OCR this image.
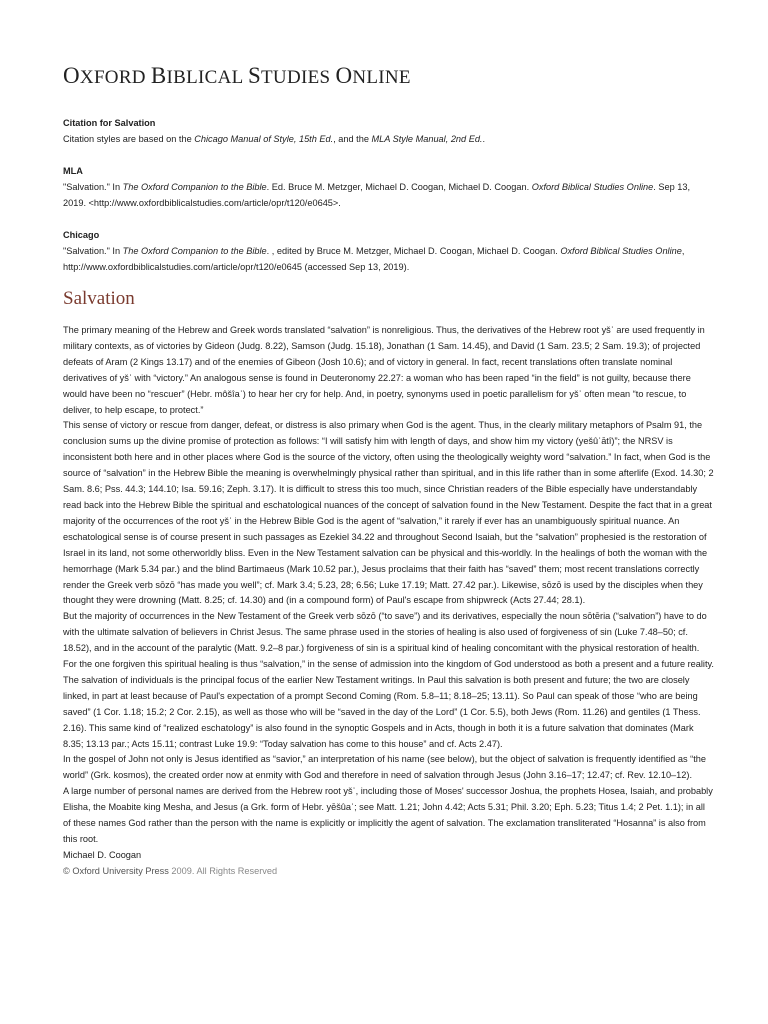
OXFORD BIBLICAL STUDIES ONLINE
Citation for Salvation

Citation styles are based on the Chicago Manual of Style, 15th Ed., and the MLA Style Manual, 2nd Ed..

MLA

"Salvation." In The Oxford Companion to the Bible. Ed. Bruce M. Metzger, Michael D. Coogan, Michael D. Coogan. Oxford Biblical Studies Online. Sep 13, 2019. <http://www.oxfordbiblicalstudies.com/article/opr/t120/e0645>.

Chicago

"Salvation." In The Oxford Companion to the Bible. , edited by Bruce M. Metzger, Michael D. Coogan, Michael D. Coogan. Oxford Biblical Studies Online, http://www.oxfordbiblicalstudies.com/article/opr/t120/e0645 (accessed Sep 13, 2019).

Salvation

The primary meaning of the Hebrew and Greek words translated “salvation” is nonreligious. Thus, the derivatives of the Hebrew root yšʿ are used frequently in military contexts, as of victories by Gideon (Judg. 8.22), Samson (Judg. 15.18), Jonathan (1 Sam. 14.45), and David (1 Sam. 23.5; 2 Sam. 19.3); of projected defeats of Aram (2 Kings 13.17) and of the enemies of Gibeon (Josh 10.6); and of victory in general. In fact, recent translations often translate nominal derivatives of yšʿ with “victory.” An analogous sense is found in Deuteronomy 22.27: a woman who has been raped “in the field” is not guilty, because there would have been no “rescuer” (Hebr. môšîaʿ) to hear her cry for help. And, in poetry, synonyms used in poetic parallelism for yšʿ often mean “to rescue, to deliver, to help escape, to protect.”

This sense of victory or rescue from danger, defeat, or distress is also primary when God is the agent. Thus, in the clearly military metaphors of Psalm 91, the conclusion sums up the divine promise of protection as follows: “I will satisfy him with length of days, and show him my victory (yešûʿātî)”; the NRSV is inconsistent both here and in other places where God is the source of the victory, often using the theologically weighty word “salvation.” In fact, when God is the source of “salvation” in the Hebrew Bible the meaning is overwhelmingly physical rather than spiritual, and in this life rather than in some afterlife (Exod. 14.30; 2 Sam. 8.6; Pss. 44.3; 144.10; Isa. 59.16; Zeph. 3.17). It is difficult to stress this too much, since Christian readers of the Bible especially have understandably read back into the Hebrew Bible the spiritual and eschatological nuances of the concept of salvation found in the New Testament. Despite the fact that in a great majority of the occurrences of the root yšʿ in the Hebrew Bible God is the agent of “salvation,” it rarely if ever has an unambiguously spiritual nuance. An eschatological sense is of course present in such passages as Ezekiel 34.22 and throughout Second Isaiah, but the “salvation” prophesied is the restoration of Israel in its land, not some otherworldly bliss. Even in the New Testament salvation can be physical and this-worldly. In the healings of both the woman with the hemorrhage (Mark 5.34 par.) and the blind Bartimaeus (Mark 10.52 par.), Jesus proclaims that their faith has “saved” them; most recent translations correctly render the Greek verb sōzō “has made you well”; cf. Mark 3.4; 5.23, 28; 6.56; Luke 17.19; Matt. 27.42 par.). Likewise, sōzō is used by the disciples when they thought they were drowning (Matt. 8.25; cf. 14.30) and (in a compound form) of Paul's escape from shipwreck (Acts 27.44; 28.1).

But the majority of occurrences in the New Testament of the Greek verb sōzō (“to save”) and its derivatives, especially the noun sōtēria (“salvation”) have to do with the ultimate salvation of believers in Christ Jesus. The same phrase used in the stories of healing is also used of forgiveness of sin (Luke 7.48–50; cf. 18.52), and in the account of the paralytic (Matt. 9.2–8 par.) forgiveness of sin is a spiritual kind of healing concomitant with the physical restoration of health. For the one forgiven this spiritual healing is thus “salvation,” in the sense of admission into the kingdom of God understood as both a present and a future reality. The salvation of individuals is the principal focus of the earlier New Testament writings. In Paul this salvation is both present and future; the two are closely linked, in part at least because of Paul's expectation of a prompt Second Coming (Rom. 5.8–11; 8.18–25; 13.11). So Paul can speak of those “who are being saved” (1 Cor. 1.18; 15.2; 2 Cor. 2.15), as well as those who will be “saved in the day of the Lord” (1 Cor. 5.5), both Jews (Rom. 11.26) and gentiles (1 Thess. 2.16). This same kind of “realized eschatology” is also found in the synoptic Gospels and in Acts, though in both it is a future salvation that dominates (Mark 8.35; 13.13 par.; Acts 15.11; contrast Luke 19.9: “Today salvation has come to this house” and cf. Acts 2.47).

In the gospel of John not only is Jesus identified as “savior,” an interpretation of his name (see below), but the object of salvation is frequently identified as “the world” (Grk. kosmos), the created order now at enmity with God and therefore in need of salvation through Jesus (John 3.16–17; 12.47; cf. Rev. 12.10–12).

A large number of personal names are derived from the Hebrew root yšʿ, including those of Moses' successor Joshua, the prophets Hosea, Isaiah, and probably Elisha, the Moabite king Mesha, and Jesus (a Grk. form of Hebr. yēšûaʿ; see Matt. 1.21; John 4.42; Acts 5.31; Phil. 3.20; Eph. 5.23; Titus 1.4; 2 Pet. 1.1); in all of these names God rather than the person with the name is explicitly or implicitly the agent of salvation. The exclamation transliterated “Hosanna” is also from this root.

Michael D. Coogan

© Oxford University Press 2009. All Rights Reserved
